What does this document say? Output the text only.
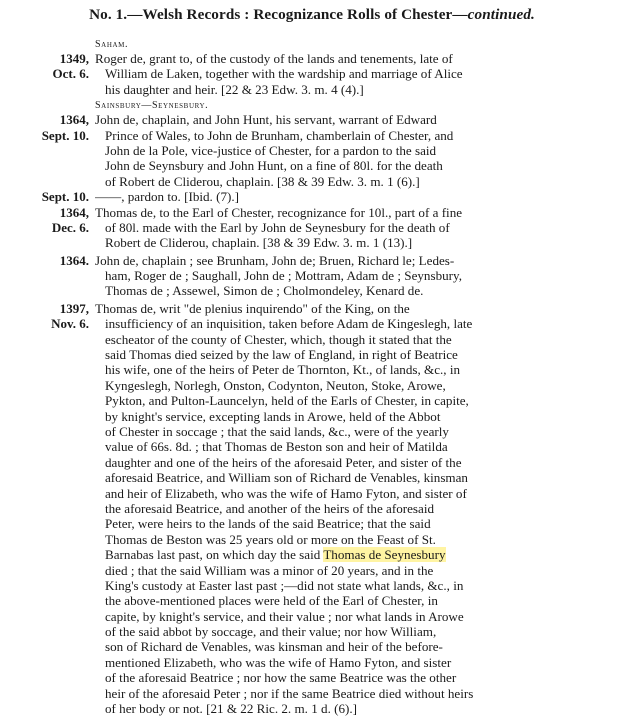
No. 1.—Welsh Records : Recognizance Rolls of Chester—continued.
Saham.
1349,
Oct. 6.
Roger de, grant to, of the custody of the lands and tenements, late of
William de Laken, together with the wardship and marriage of Alice
his daughter and heir. [22 & 23 Edw. 3. m. 4 (4).]
Sainsbury—Seynesbury.
1364,
Sept. 10.
John de, chaplain, and John Hunt, his servant, warrant of Edward
Prince of Wales, to John de Brunham, chamberlain of Chester, and
John de la Pole, vice-justice of Chester, for a pardon to the said
John de Seynsbury and John Hunt, on a fine of 80l. for the death
of Robert de Cliderou, chaplain. [38 & 39 Edw. 3. m. 1 (6).]
Sept. 10. ——, pardon to. [Ibid. (7).]
1364,
Dec. 6.
Thomas de, to the Earl of Chester, recognizance for 10l., part of a fine
of 80l. made with the Earl by John de Seynesbury for the death of
Robert de Cliderou, chaplain. [38 & 39 Edw. 3. m. 1 (13).]
1364. John de, chaplain ; see Brunham, John de; Bruen, Richard le; Ledes-
ham, Roger de ; Saughall, John de ; Mottram, Adam de ; Seynsbury,
Thomas de ; Assewel, Simon de ; Cholmondeley, Kenard de.
1397,
Nov. 6.
Thomas de, writ "de plenius inquirendo" of the King, on the
insufficiency of an inquisition, taken before Adam de Kingeslegh, late
escheator of the county of Chester, which, though it stated that the
said Thomas died seized by the law of England, in right of Beatrice
his wife, one of the heirs of Peter de Thornton, Kt., of lands, &c., in
Kyngeslegh, Norlegh, Onston, Codynton, Neuton, Stoke, Arowe,
Pykton, and Pulton-Launcelyn, held of the Earls of Chester, in capite,
by knight's service, excepting lands in Arowe, held of the Abbot
of Chester in soccage ; that the said lands, &c., were of the yearly
value of 66s. 8d. ; that Thomas de Beston son and heir of Matilda
daughter and one of the heirs of the aforesaid Peter, and sister of the
aforesaid Beatrice, and William son of Richard de Venables, kinsman
and heir of Elizabeth, who was the wife of Hamo Fyton, and sister of
the aforesaid Beatrice, and another of the heirs of the aforesaid
Peter, were heirs to the lands of the said Beatrice; that the said
Thomas de Beston was 25 years old or more on the Feast of St.
Barnabas last past, on which day the said Thomas de Seynesbury
died ; that the said William was a minor of 20 years, and in the
King's custody at Easter last past ;—did not state what lands, &c., in
the above-mentioned places were held of the Earl of Chester, in
capite, by knight's service, and their value ; nor what lands in Arowe
of the said abbot by soccage, and their value; nor how William,
son of Richard de Venables, was kinsman and heir of the before-
mentioned Elizabeth, who was the wife of Hamo Fyton, and sister
of the aforesaid Beatrice ; nor how the same Beatrice was the other
heir of the aforesaid Peter ; nor if the same Beatrice died without heirs
of her body or not. [21 & 22 Ric. 2. m. 1 d. (6).]
